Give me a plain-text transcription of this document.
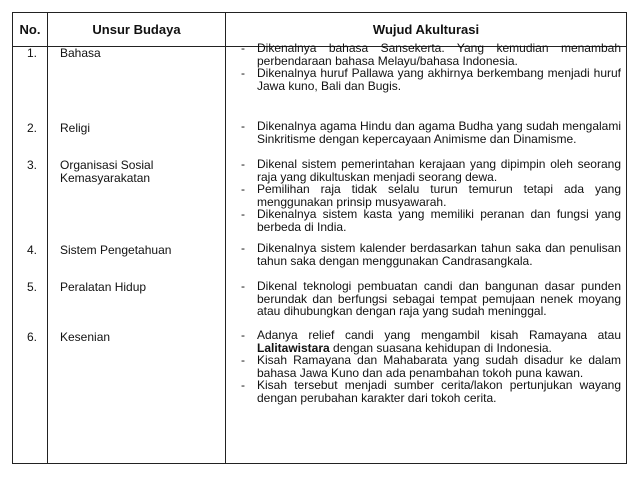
No.	Unsur Budaya	Wujud Akulturasi
1.	Bahasa	-	Dikenalnya bahasa Sansekerta. Yang kemudian menambah perbendaraan bahasa Melayu/bahasa Indonesia.
-	Dikenalnya huruf Pallawa yang akhirnya berkembang menjadi huruf Jawa kuno, Bali dan Bugis.
2.	Religi	-	Dikenalnya agama Hindu dan agama Budha yang sudah mengalami Sinkritisme dengan kepercayaan Animisme dan Dinamisme.
3.	Organisasi Sosial Kemasyarakatan
-	Dikenal sistem pemerintahan kerajaan yang dipimpin oleh seorang raja yang dikultuskan menjadi seorang dewa.
-	Pemilihan raja tidak selalu turun temurun tetapi ada yang menggunakan prinsip musyawarah.
-	Dikenalnya sistem kasta yang memiliki peranan dan fungsi yang berbeda di India.
4.	Sistem Pengetahuan	-	Dikenalnya sistem kalender berdasarkan tahun saka dan penulisan tahun saka dengan menggunakan Candrasangkala.
5.	Peralatan Hidup	-	Dikenal teknologi pembuatan candi dan bangunan dasar punden berundak dan berfungsi sebagai tempat pemujaan nenek moyang atau dihubungkan dengan raja yang sudah meninggal.
6.	Kesenian	-	Adanya relief candi yang mengambil kisah Ramayana atau Lalitawistara dengan suasana kehidupan di Indonesia.
-	Kisah Ramayana dan Mahabarata yang sudah disadur ke dalam bahasa Jawa Kuno dan ada penambahan tokoh puna kawan.
-	Kisah tersebut menjadi sumber cerita/lakon pertunjukan wayang dengan perubahan karakter dari tokoh cerita.
